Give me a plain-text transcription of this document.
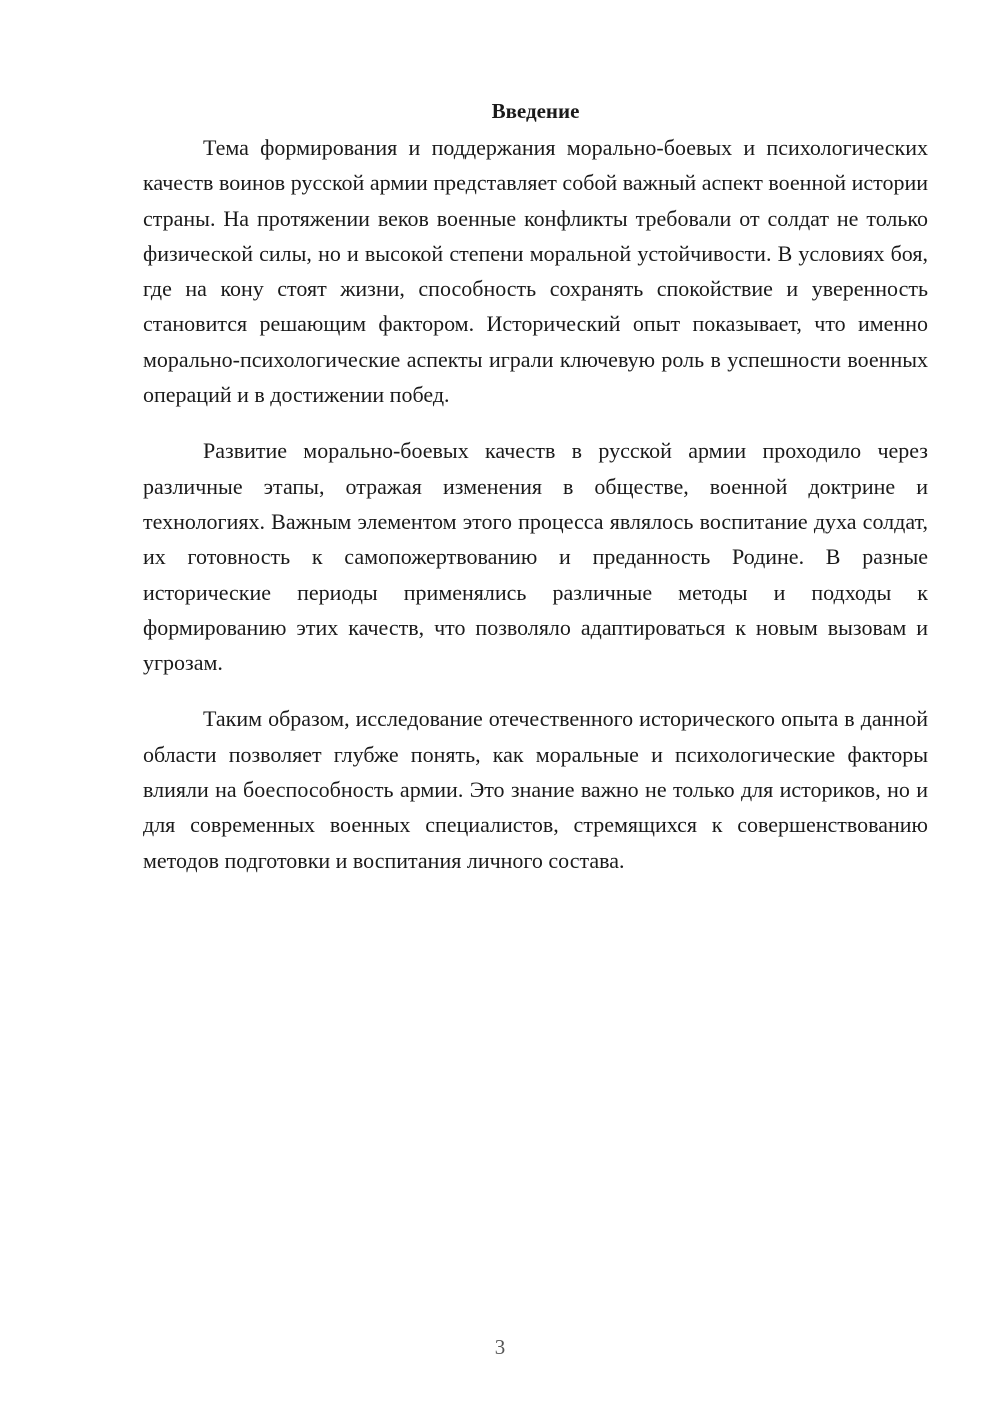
Введение

Тема формирования и поддержания морально-боевых и психологических качеств воинов русской армии представляет собой важный аспект военной истории страны. На протяжении веков военные конфликты требовали от солдат не только физической силы, но и высокой степени моральной устойчивости. В условиях боя, где на кону стоят жизни, способность сохранять спокойствие и уверенность становится решающим фактором. Исторический опыт показывает, что именно морально-психологические аспекты играли ключевую роль в успешности военных операций и в достижении побед.

Развитие морально-боевых качеств в русской армии проходило через различные этапы, отражая изменения в обществе, военной доктрине и технологиях. Важным элементом этого процесса являлось воспитание духа солдат, их готовность к самопожертвованию и преданность Родине. В разные исторические периоды применялись различные методы и подходы к формированию этих качеств, что позволяло адаптироваться к новым вызовам и угрозам.

Таким образом, исследование отечественного исторического опыта в данной области позволяет глубже понять, как моральные и психологические факторы влияли на боеспособность армии. Это знание важно не только для историков, но и для современных военных специалистов, стремящихся к совершенствованию методов подготовки и воспитания личного состава.

3
